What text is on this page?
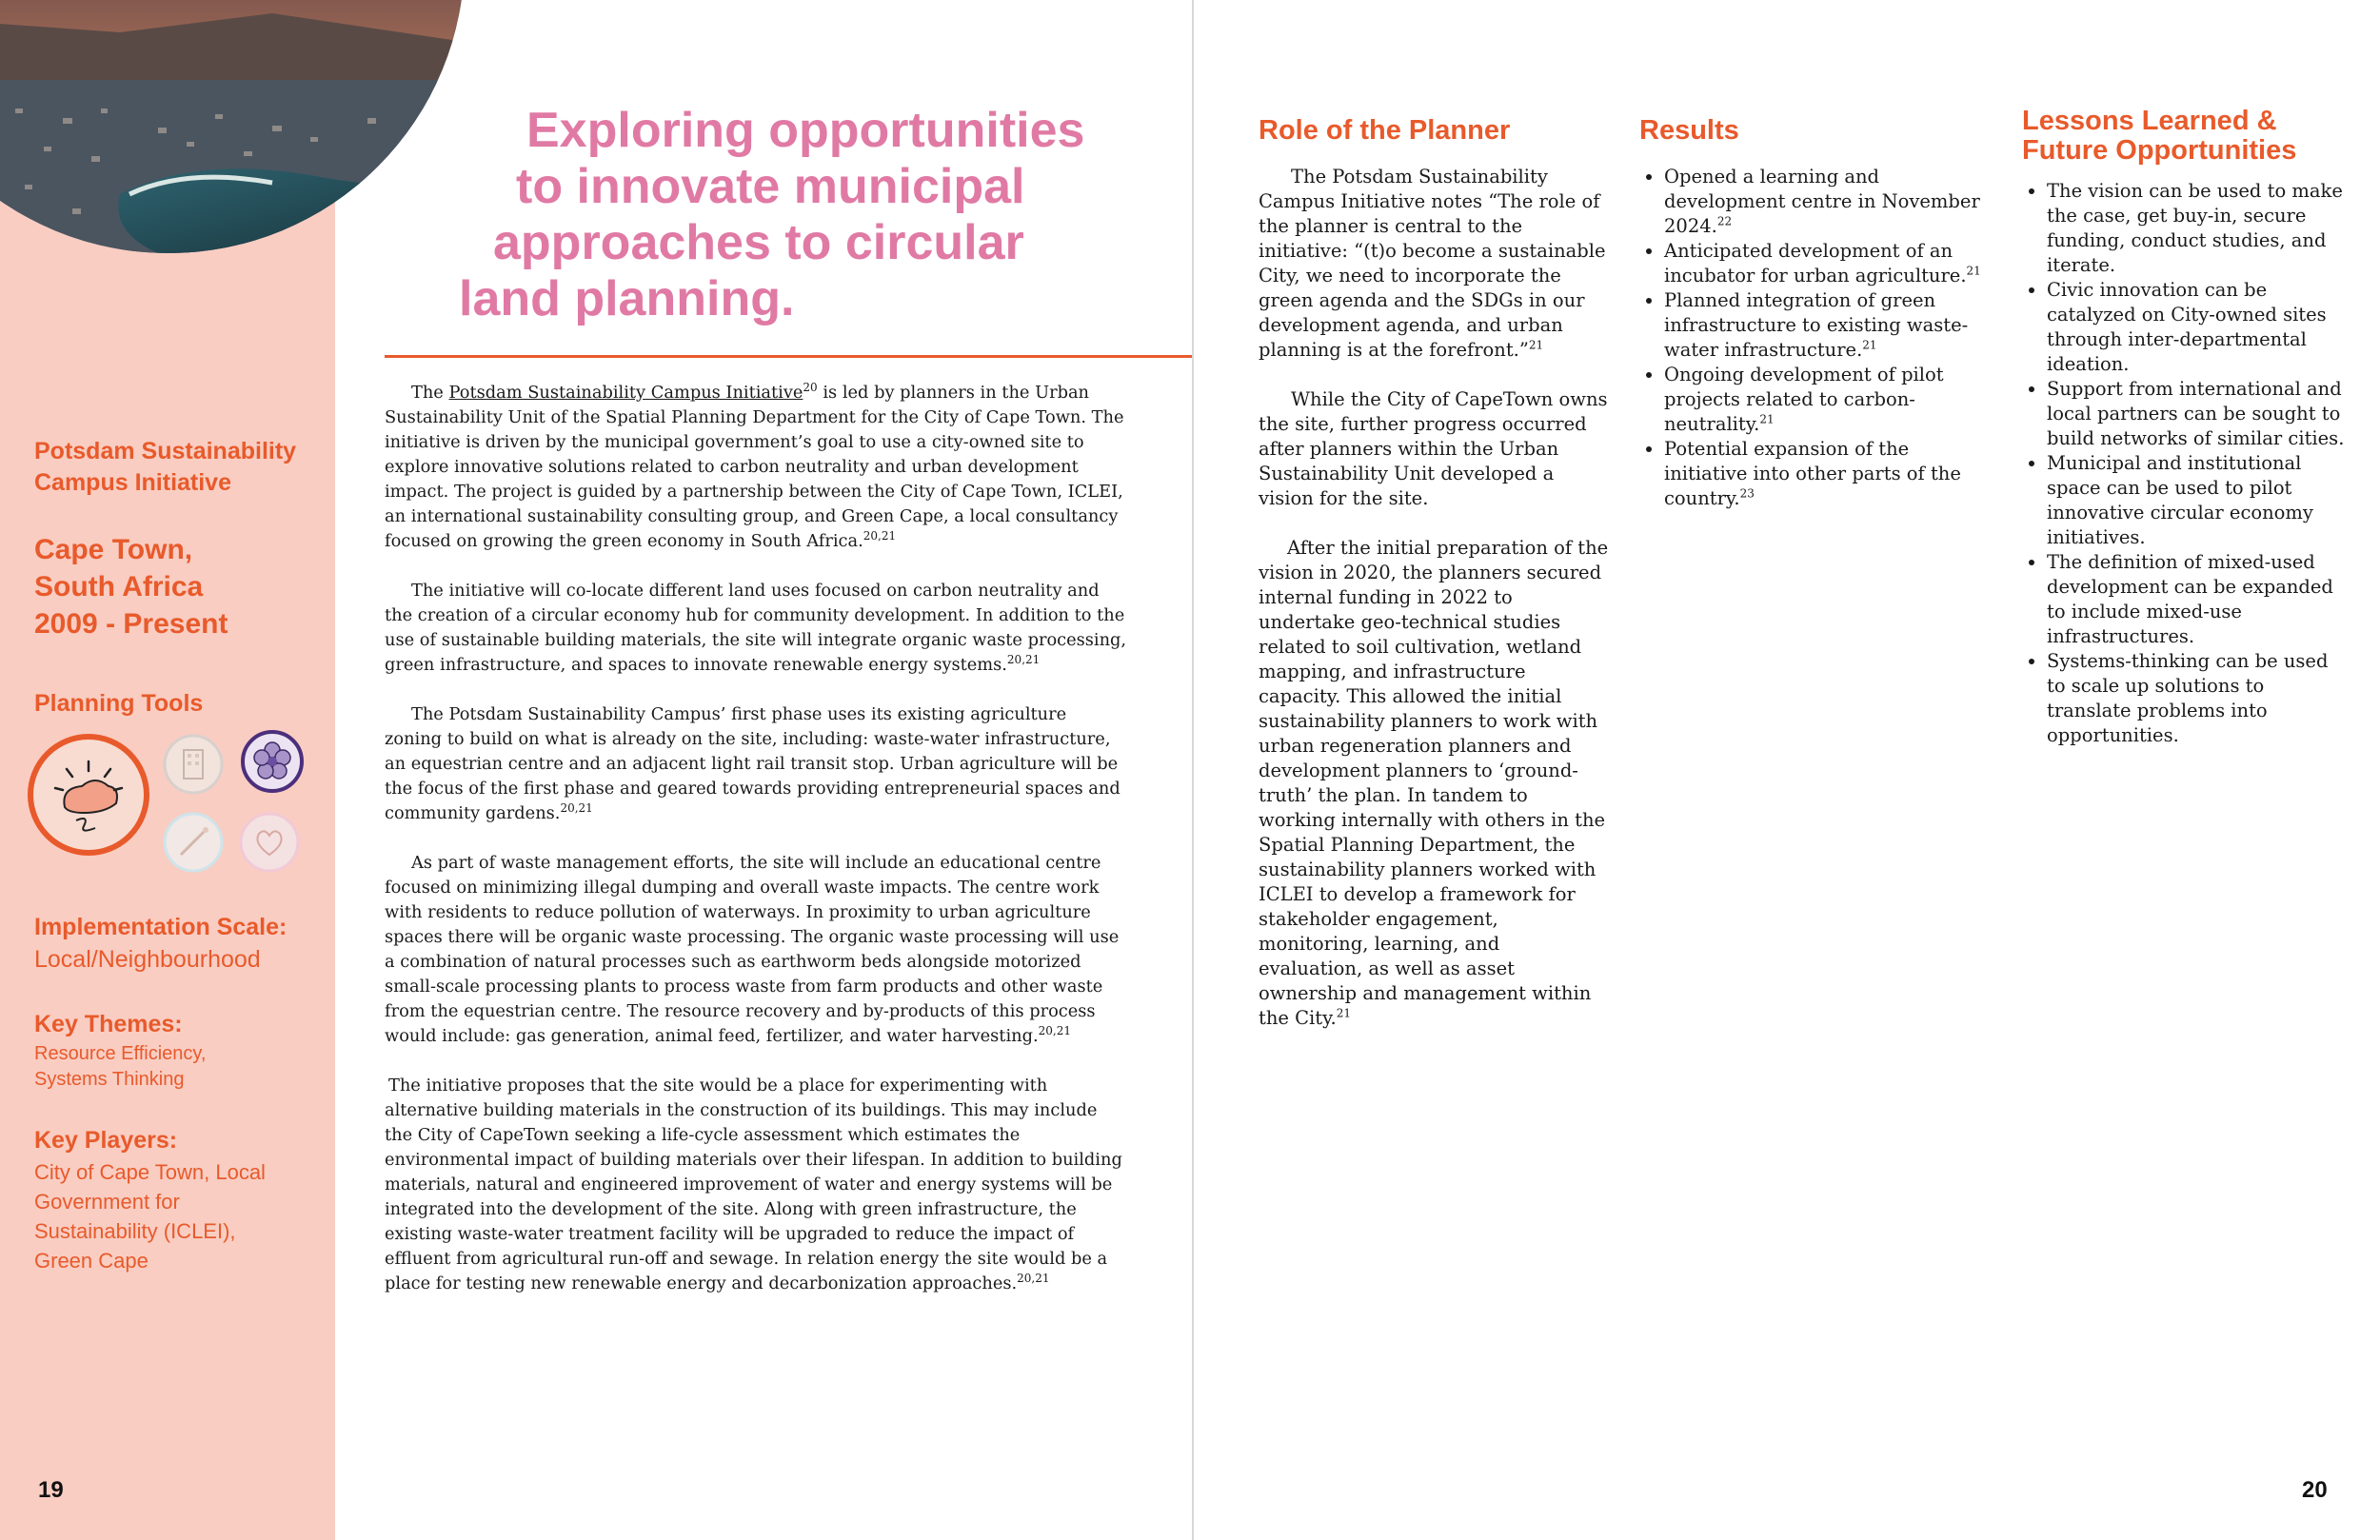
Potsdam Sustainability
Campus Initiative
Cape Town,
South Africa
2009 - Present
Planning Tools
Implementation Scale:
Local/Neighbourhood
Key Themes:
Resource Efficiency,
Systems Thinking
Key Players:
City of Cape Town, Local
Government for
Sustainability (ICLEI),
Green Cape
19
Exploring opportunities
to innovate municipal
approaches to circular
land planning.

The Potsdam Sustainability Campus Initiative$^{20}$ is led by planners in the Urban Sustainability Unit of the Spatial Planning Department for the City of Cape Town. The initiative is driven by the municipal government’s goal to use a city-owned site to explore innovative solutions related to carbon neutrality and urban development impact. The project is guided by a partnership between the City of Cape Town, ICLEI, an international sustainability consulting group, and Green Cape, a local consultancy focused on growing the green economy in South Africa.$^{20,21}$

The initiative will co-locate different land uses focused on carbon neutrality and the creation of a circular economy hub for community development. In addition to the use of sustainable building materials, the site will integrate organic waste processing, green infrastructure, and spaces to innovate renewable energy systems.$^{20,21}$

The Potsdam Sustainability Campus’ first phase uses its existing agriculture zoning to build on what is already on the site, including: waste-water infrastructure, an equestrian centre and an adjacent light rail transit stop. Urban agriculture will be the focus of the first phase and geared towards providing entrepreneurial spaces and community gardens.$^{20,21}$

As part of waste management efforts, the site will include an educational centre focused on minimizing illegal dumping and overall waste impacts. The centre work with residents to reduce pollution of waterways. In proximity to urban agriculture spaces there will be organic waste processing. The organic waste processing will use a combination of natural processes such as earthworm beds alongside motorized small-scale processing plants to process waste from farm products and other waste from the equestrian centre. The resource recovery and by-products of this process would include: gas generation, animal feed, fertilizer, and water harvesting.$^{20,21}$

The initiative proposes that the site would be a place for experimenting with alternative building materials in the construction of its buildings. This may include the City of CapeTown seeking a life-cycle assessment which estimates the environmental impact of building materials over their lifespan. In addition to building materials, natural and engineered improvement of water and energy systems will be integrated into the development of the site. Along with green infrastructure, the existing waste-water treatment facility will be upgraded to reduce the impact of effluent from agricultural run-off and sewage. In relation energy the site would be a place for testing new renewable energy and decarbonization approaches.$^{20,21}$

Role of the Planner

The Potsdam Sustainability Campus Initiative notes “The role of the planner is central to the initiative: “(t)o become a sustainable City, we need to incorporate the green agenda and the SDGs in our development agenda, and urban planning is at the forefront.”$^{21}$

While the City of CapeTown owns the site, further progress occurred after planners within the Urban Sustainability Unit developed a vision for the site.

After the initial preparation of the vision in 2020, the planners secured internal funding in 2022 to undertake geo-technical studies related to soil cultivation, wetland mapping, and infrastructure capacity. This allowed the initial sustainability planners to work with urban regeneration planners and development planners to ‘ground-truth’ the plan. In tandem to working internally with others in the Spatial Planning Department, the sustainability planners worked with ICLEI to develop a framework for stakeholder engagement, monitoring, learning, and evaluation, as well as asset ownership and management within the City.$^{21}$

Results
• Opened a learning and development centre in November 2024.22
• Anticipated development of an incubator for urban agriculture.$^{21}$
• Planned integration of green infrastructure to existing waste-water infrastructure.$^{21}$
• Ongoing development of pilot projects related to carbon-neutrality.$^{21}$
• Potential expansion of the initiative into other parts of the country.$^{23}$
Lessons Learned &
Future Opportunities
• The vision can be used to make the case, get buy-in, secure funding, conduct studies, and iterate.
• Civic innovation can be catalyzed on City-owned sites through inter-departmental ideation.
• Support from international and local partners can be sought to build networks of similar cities.
• Municipal and institutional space can be used to pilot innovative circular economy initiatives.
• The definition of mixed-used development can be expanded to include mixed-use infrastructures.
• Systems-thinking can be used to scale up solutions to translate problems into opportunities.
20
